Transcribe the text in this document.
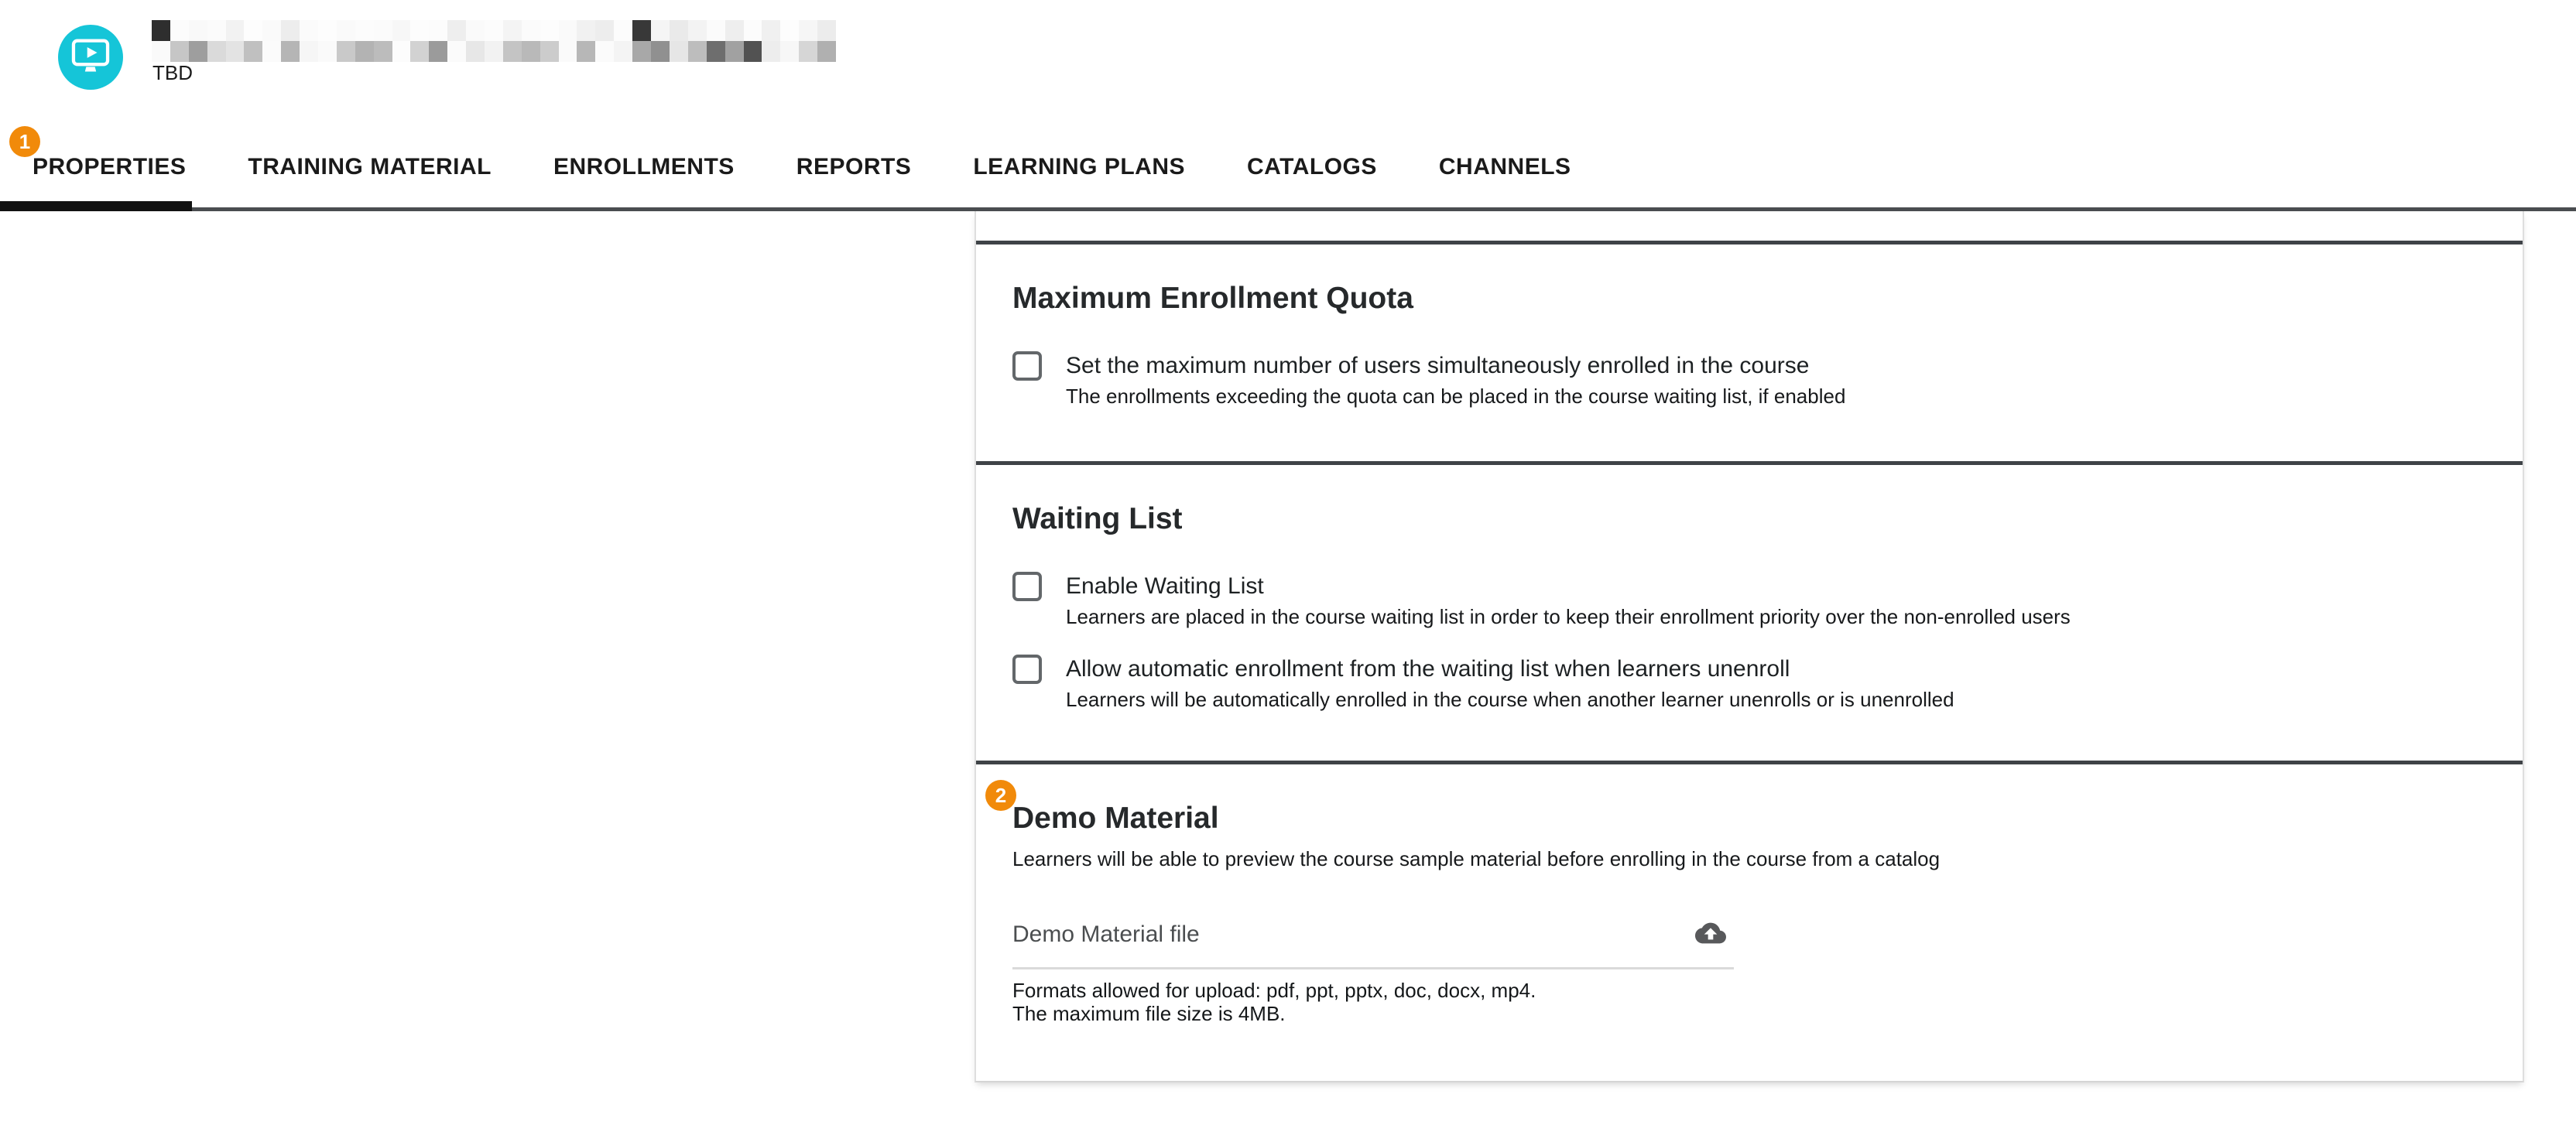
TBD
1
PROPERTIES	TRAINING MATERIAL	ENROLLMENTS	REPORTS	LEARNING PLANS	CATALOGS	CHANNELS
Maximum Enrollment Quota
Set the maximum number of users simultaneously enrolled in the course
The enrollments exceeding the quota can be placed in the course waiting list, if enabled
Waiting List
Enable Waiting List
Learners are placed in the course waiting list in order to keep their enrollment priority over the non-enrolled users
Allow automatic enrollment from the waiting list when learners unenroll
Learners will be automatically enrolled in the course when another learner unenrolls or is unenrolled
Demo Material
Learners will be able to preview the course sample material before enrolling in the course from a catalog
Demo Material file
Formats allowed for upload: pdf, ppt, pptx, doc, docx, mp4.
The maximum file size is 4MB.
2
